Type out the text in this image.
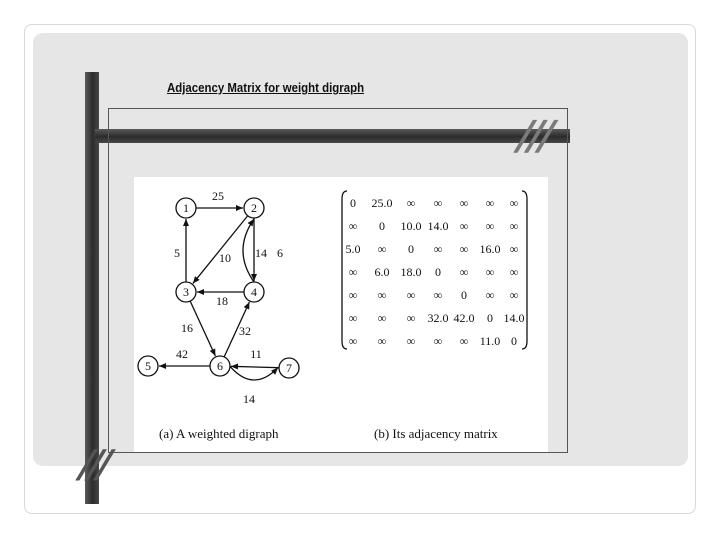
///
///
Adjacency Matrix for weight digraph
25
5	10 14 6
18
16	32
42	11
14
1	2
3	4
5	6	7
0 25.0 ∞ ∞ ∞ ∞ ∞
∞ 0 10.0 14.0 ∞ ∞ ∞
5.0 ∞ 0 ∞ ∞ 16.0 ∞
∞ 6.0 18.0 0 ∞ ∞ ∞
∞ ∞ ∞ ∞ 0 ∞ ∞
∞ ∞ ∞ 32.0 42.0 0 14.0
∞ ∞ ∞ ∞ ∞ 11.0 0
(a) A weighted digraph	(b) Its adjacency matrix
